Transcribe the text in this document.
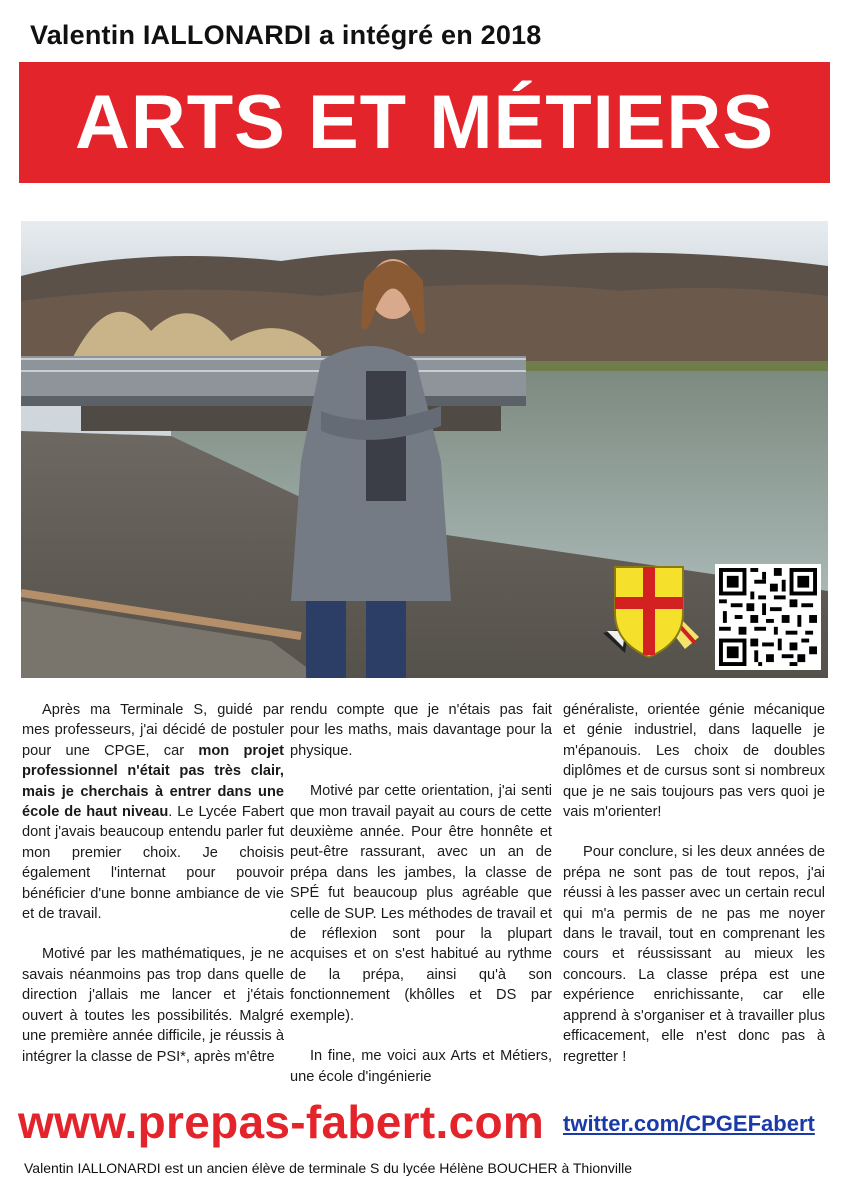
Valentin IALLONARDI a intégré en 2018
ARTS ET MÉTIERS

Après ma Terminale S, guidé par mes professeurs, j'ai décidé de postuler pour une CPGE, car mon projet professionnel n'était pas très clair, mais je cherchais à entrer dans une école de haut niveau. Le Lycée Fabert dont j'avais beaucoup entendu parler fut mon premier choix. Je choisis également l'internat pour pouvoir bénéficier d'une bonne ambiance de vie et de travail.

Motivé par les mathématiques, je ne savais néanmoins pas trop dans quelle direction j'allais me lancer et j'étais ouvert à toutes les possibilités. Malgré une première année difficile, je réussis à intégrer la classe de PSI*, après m'être

rendu compte que je n'étais pas fait pour les maths, mais davantage pour la physique.

Motivé par cette orientation, j'ai senti que mon travail payait au cours de cette deuxième année. Pour être honnête et peut-être rassurant, avec un an de prépa dans les jambes, la classe de SPÉ fut beaucoup plus agréable que celle de SUP. Les méthodes de travail et de réflexion sont pour la plupart acquises et on s'est habitué au rythme de la prépa, ainsi qu'à son fonctionnement (khôlles et DS par exemple).

In fine, me voici aux Arts et Métiers, une école d'ingénierie

généraliste, orientée génie mécanique et génie industriel, dans laquelle je m'épanouis. Les choix de doubles diplômes et de cursus sont si nombreux que je ne sais toujours pas vers quoi je vais m'orienter!

Pour conclure, si les deux années de prépa ne sont pas de tout repos, j'ai réussi à les passer avec un certain recul qui m'a permis de ne pas me noyer dans le travail, tout en comprenant les cours et réussissant au mieux les concours. La classe prépa est une expérience enrichissante, car elle apprend à s'organiser et à travailler plus efficacement, elle n'est donc pas à regretter !

www.prepas-fabert.com twitter.com/CPGEFabert
Valentin IALLONARDI est un ancien élève de terminale S du lycée Hélène BOUCHER à Thionville
